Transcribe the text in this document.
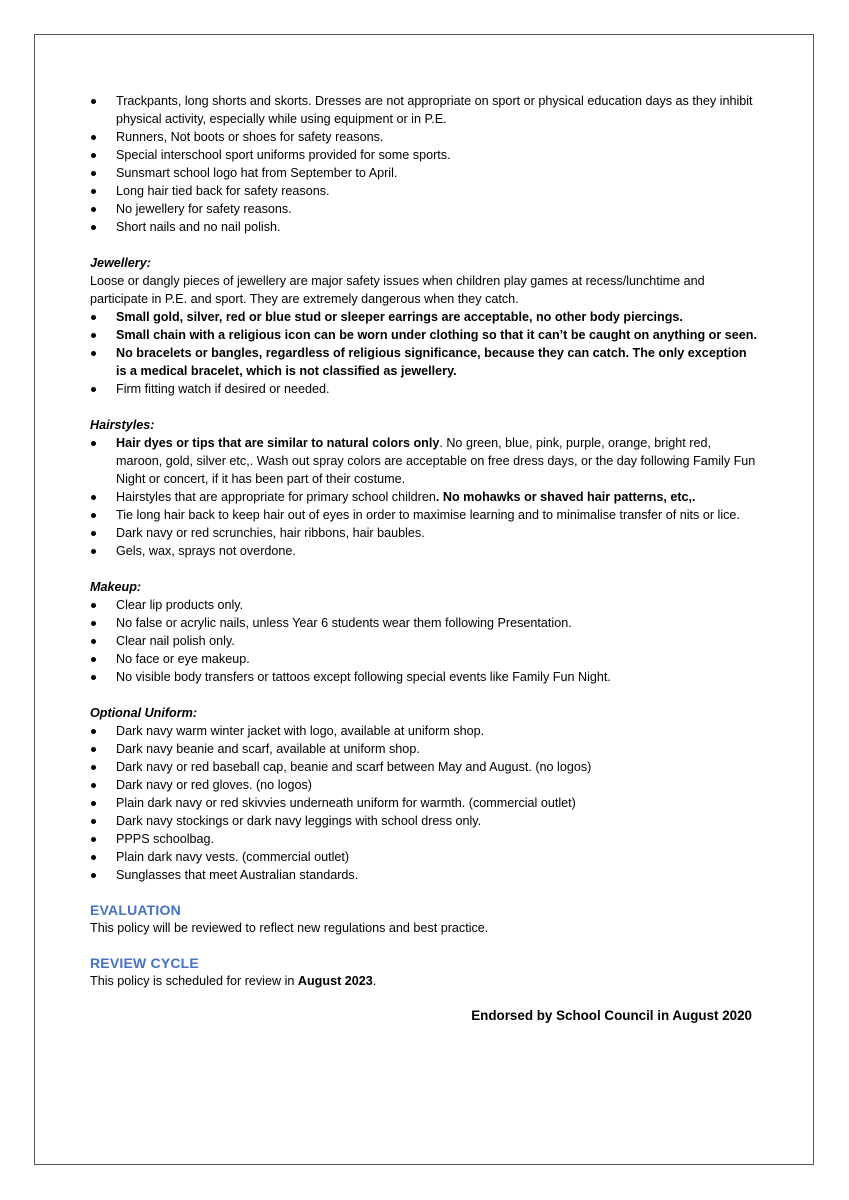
Trackpants, long shorts and skorts. Dresses are not appropriate on sport or physical education days as they inhibit physical activity, especially while using equipment or in P.E.
Runners, Not boots or shoes for safety reasons.
Special interschool sport uniforms provided for some sports.
Sunsmart school logo hat from September to April.
Long hair tied back for safety reasons.
No jewellery for safety reasons.
Short nails and no nail polish.
Jewellery:

Loose or dangly pieces of jewellery are major safety issues when children play games at recess/lunchtime and participate in P.E. and sport. They are extremely dangerous when they catch.

Small gold, silver, red or blue stud or sleeper earrings are acceptable, no other body piercings.
Small chain with a religious icon can be worn under clothing so that it can’t be caught on anything or seen.
No bracelets or bangles, regardless of religious significance, because they can catch. The only exception is a medical bracelet, which is not classified as jewellery.
Firm fitting watch if desired or needed.
Hairstyles:
Hair dyes or tips that are similar to natural colors only. No green, blue, pink, purple, orange, bright red, maroon, gold, silver etc,. Wash out spray colors are acceptable on free dress days, or the day following Family Fun Night or concert, if it has been part of their costume.
Hairstyles that are appropriate for primary school children. No mohawks or shaved hair patterns, etc,.
Tie long hair back to keep hair out of eyes in order to maximise learning and to minimalise transfer of nits or lice.
Dark navy or red scrunchies, hair ribbons, hair baubles.
Gels, wax, sprays not overdone.
Makeup:
Clear lip products only.
No false or acrylic nails, unless Year 6 students wear them following Presentation.
Clear nail polish only.
No face or eye makeup.
No visible body transfers or tattoos except following special events like Family Fun Night.
Optional Uniform:
Dark navy warm winter jacket with logo, available at uniform shop.
Dark navy beanie and scarf, available at uniform shop.
Dark navy or red baseball cap, beanie and scarf between May and August. (no logos)
Dark navy or red gloves. (no logos)
Plain dark navy or red skivvies underneath uniform for warmth. (commercial outlet)
Dark navy stockings or dark navy leggings with school dress only.
PPPS schoolbag.
Plain dark navy vests. (commercial outlet)
Sunglasses that meet Australian standards.
EVALUATION

This policy will be reviewed to reflect new regulations and best practice.

REVIEW CYCLE

This policy is scheduled for review in August 2023.

Endorsed by School Council in August 2020
